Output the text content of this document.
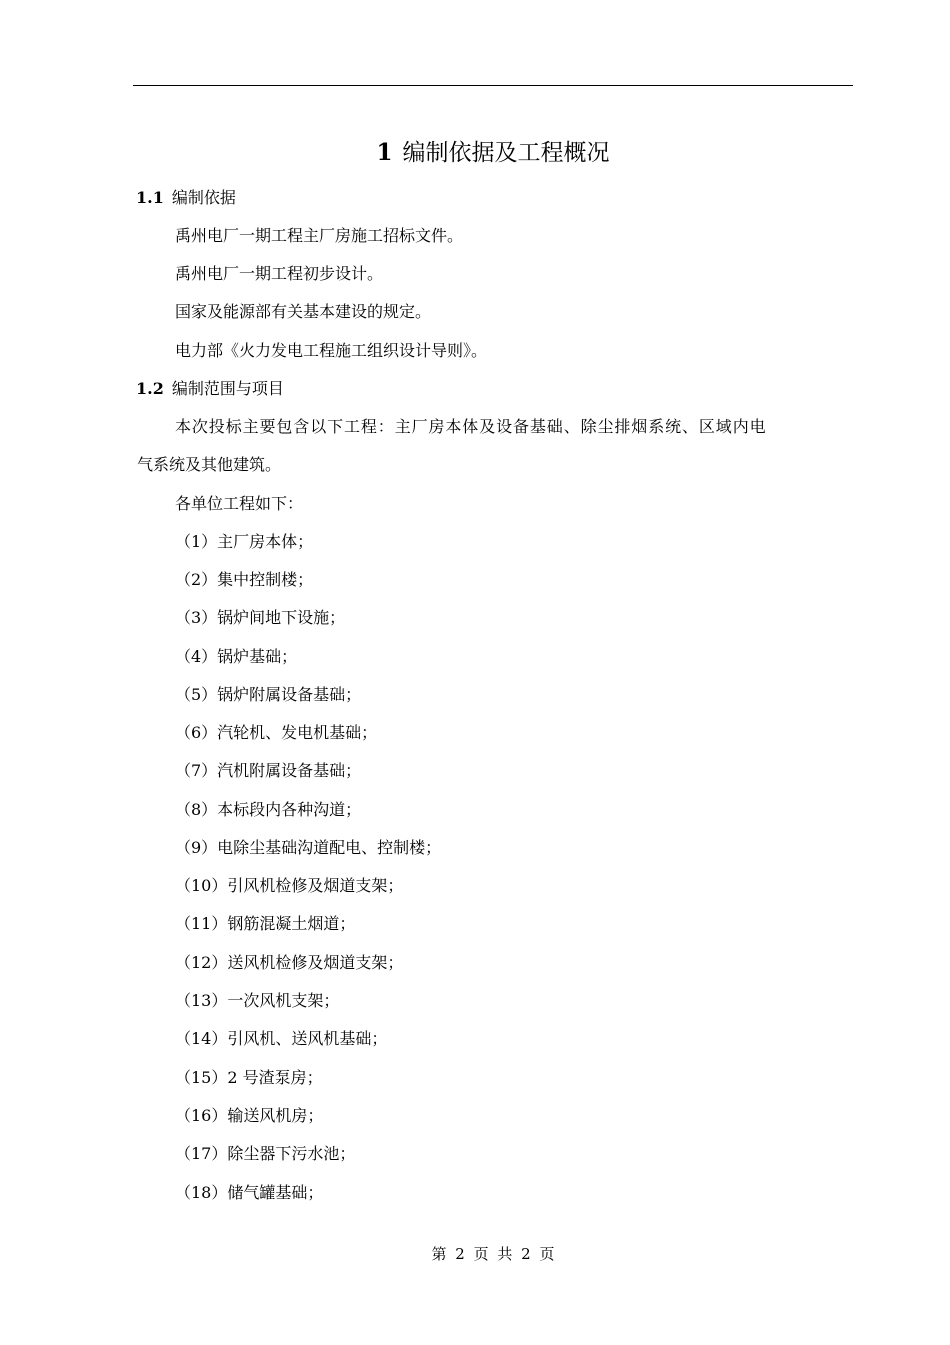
1 编制依据及工程概况
1.1 编制依据
禹州电厂一期工程主厂房施工招标文件。
禹州电厂一期工程初步设计。
国家及能源部有关基本建设的规定。
电力部《火力发电工程施工组织设计导则》。
1.2 编制范围与项目
本次投标主要包含以下工程：主厂房本体及设备基础、除尘排烟系统、区域内电
气系统及其他建筑。
各单位工程如下：
（1）主厂房本体；
（2）集中控制楼；
（3）锅炉间地下设施；
（4）锅炉基础；
（5）锅炉附属设备基础；
（6）汽轮机、发电机基础；
（7）汽机附属设备基础；
（8）本标段内各种沟道；
（9）电除尘基础沟道配电、控制楼；
（10）引风机检修及烟道支架；
（11）钢筋混凝土烟道；
（12）送风机检修及烟道支架；
（13）一次风机支架；
（14）引风机、送风机基础；
（15）2 号渣泵房；
（16）输送风机房；
（17）除尘器下污水池；
（18）储气罐基础；
第 2 页 共 2 页
